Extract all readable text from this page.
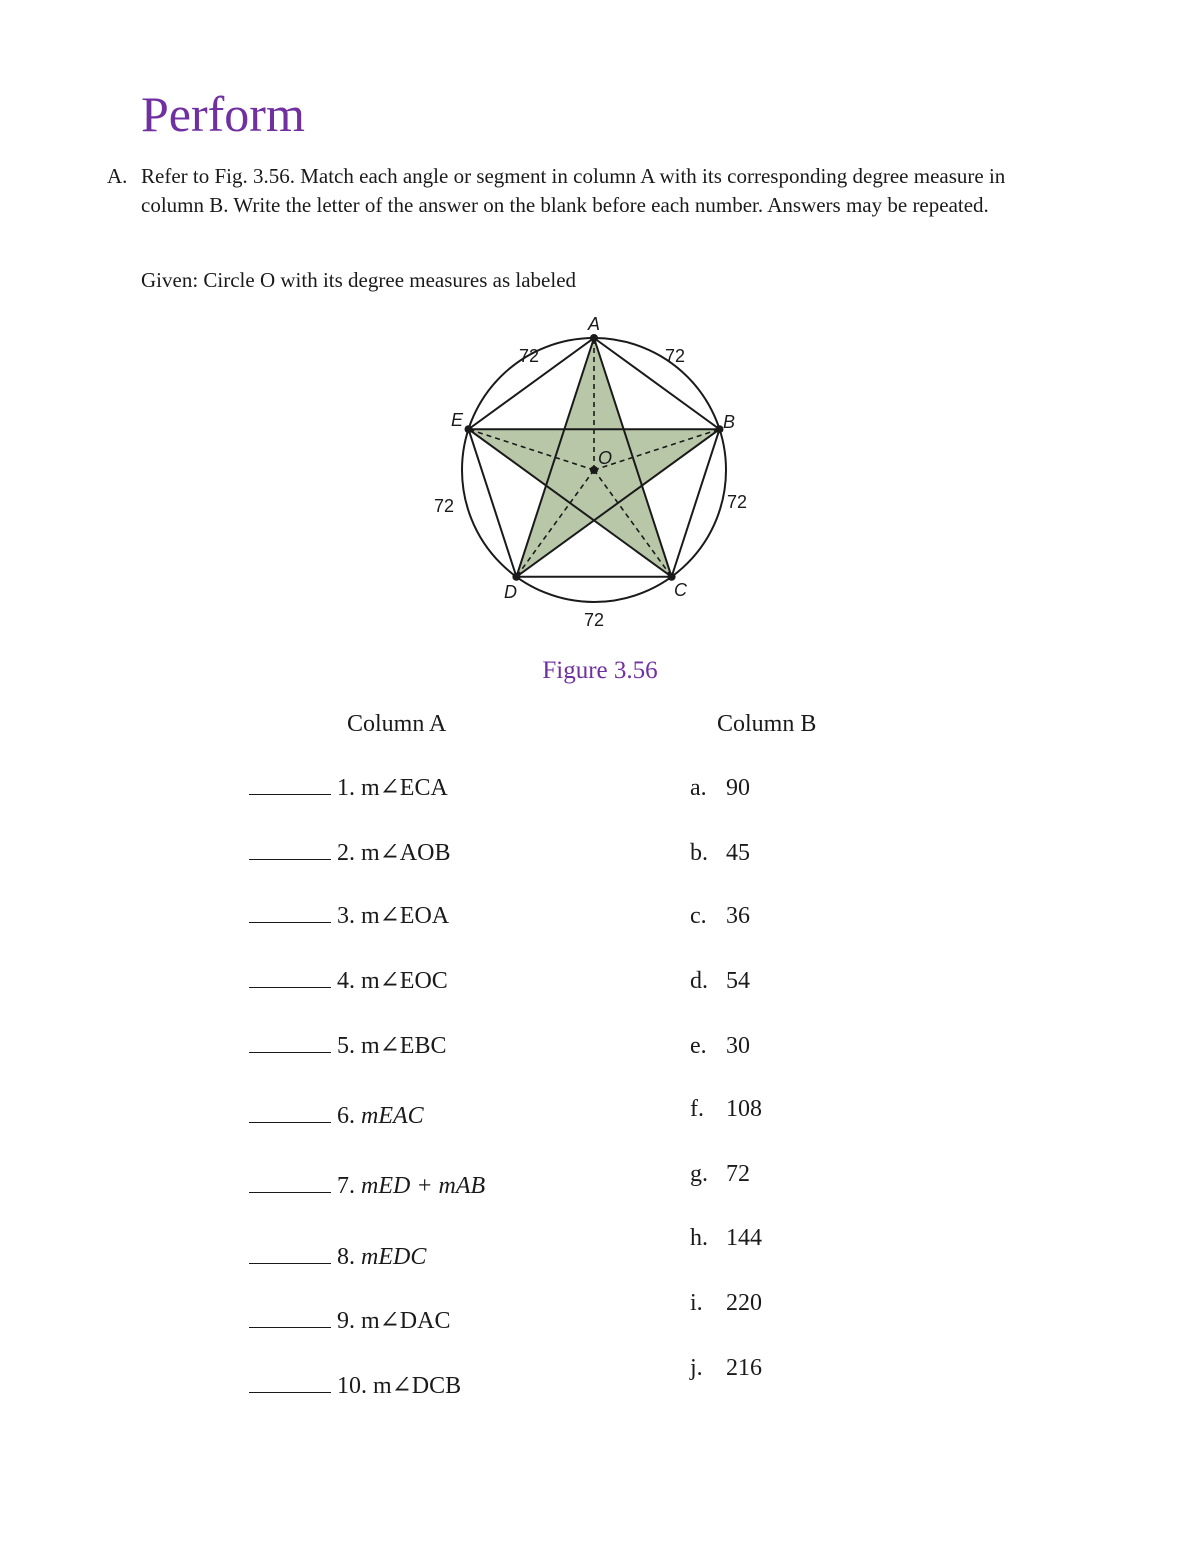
Perform
A. Refer to Fig. 3.56. Match each angle or segment in column A with its corresponding degree measure in column B. Write the letter of the answer on the blank before each number. Answers may be repeated.
Given: Circle O with its degree measures as labeled
A
B
C
D
E
O
72	72
72
72
72
Figure 3.56
Column A	Column B
1. m∠ECA
2. m∠AOB
3. m∠EOA
4. m∠EOC
5. m∠EBC
6. mEAC
7. mED + mAB
8. mEDC
9. m∠DAC
10. m∠DCB
a. 90
b. 45
c. 36
d. 54
e. 30
f. 108
g. 72
h. 144
i. 220
j. 216
